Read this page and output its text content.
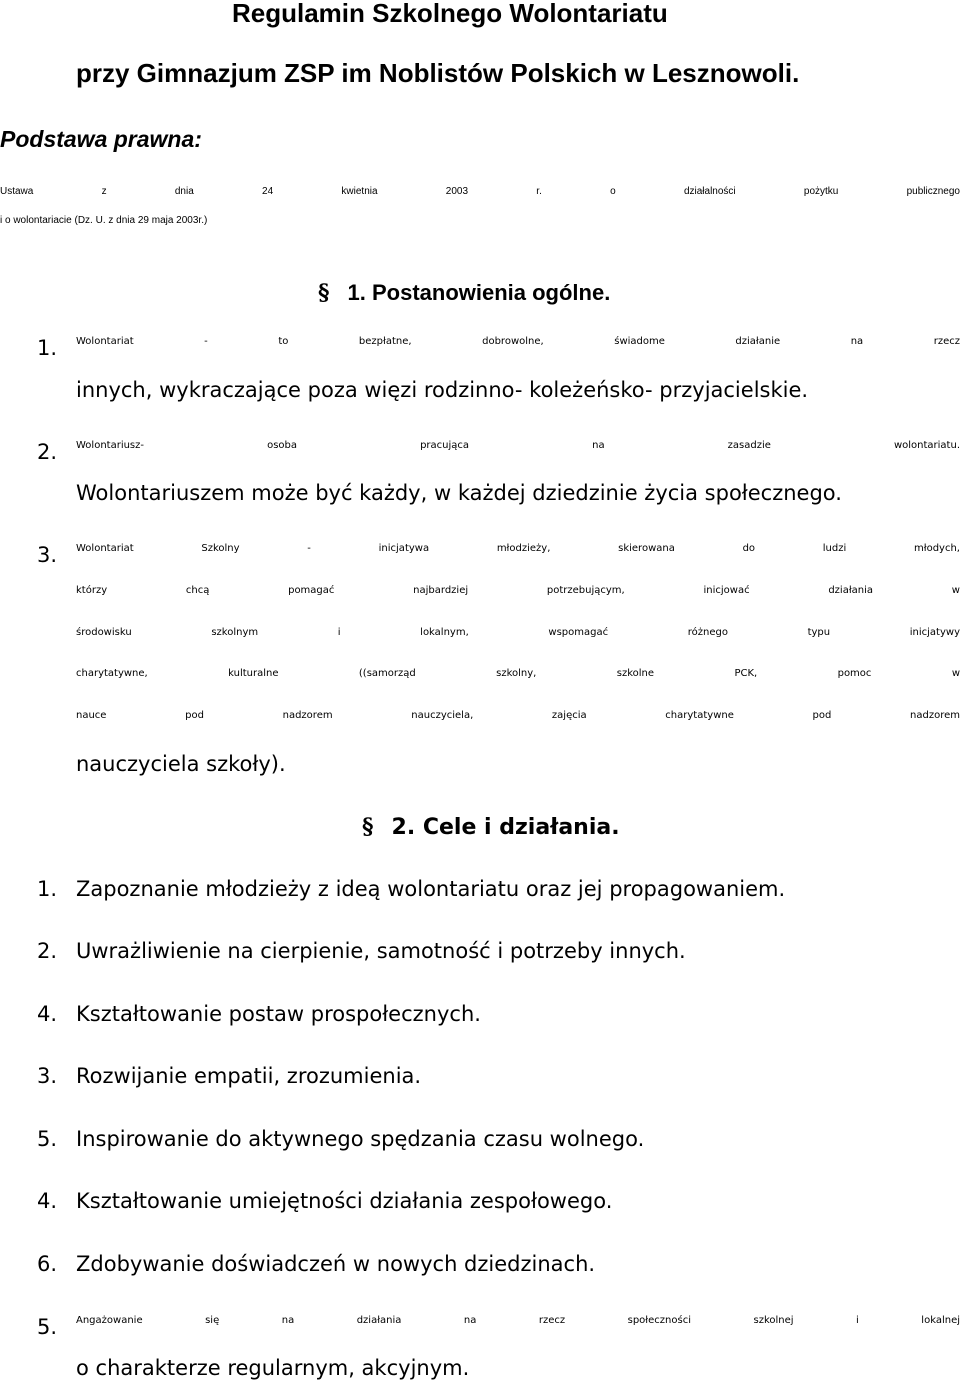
Regulamin Szkolnego Wolontariatu
przy Gimnazjum ZSP im Noblistów Polskich w Lesznowoli.
Podstawa prawna:
Ustawa z dnia 24 kwietnia 2003 r. o działalności pożytku publicznego
i o wolontariacie (Dz. U. z dnia 29 maja 2003r.)
§ 1. Postanowienia ogólne.
1. Wolontariat - to bezpłatne, dobrowolne, świadome działanie na rzecz
innych, wykraczające poza więzi rodzinno- koleżeńsko- przyjacielskie.
2. Wolontariusz- osoba pracująca na zasadzie wolontariatu.
Wolontariuszem może być każdy, w każdej dziedzinie życia społecznego.
3. Wolontariat Szkolny - inicjatywa młodzieży, skierowana do ludzi młodych,
którzy chcą pomagać najbardziej potrzebującym, inicjować działania w
środowisku szkolnym i lokalnym, wspomagać różnego typu inicjatywy
charytatywne, kulturalne ((samorząd szkolny, szkolne PCK, pomoc w
nauce pod nadzorem nauczyciela, zajęcia charytatywne pod nadzorem
nauczyciela szkoły).
§ 2. Cele i działania.
1. Zapoznanie młodzieży z ideą wolontariatu oraz jej propagowaniem.
2. Uwrażliwienie na cierpienie, samotność i potrzeby innych.
4. Kształtowanie postaw prospołecznych.
3. Rozwijanie empatii, zrozumienia.
5. Inspirowanie do aktywnego spędzania czasu wolnego.
4. Kształtowanie umiejętności działania zespołowego.
6. Zdobywanie doświadczeń w nowych dziedzinach.
5. Angażowanie się na działania na rzecz społeczności szkolnej i lokalnej
o charakterze regularnym, akcyjnym.
